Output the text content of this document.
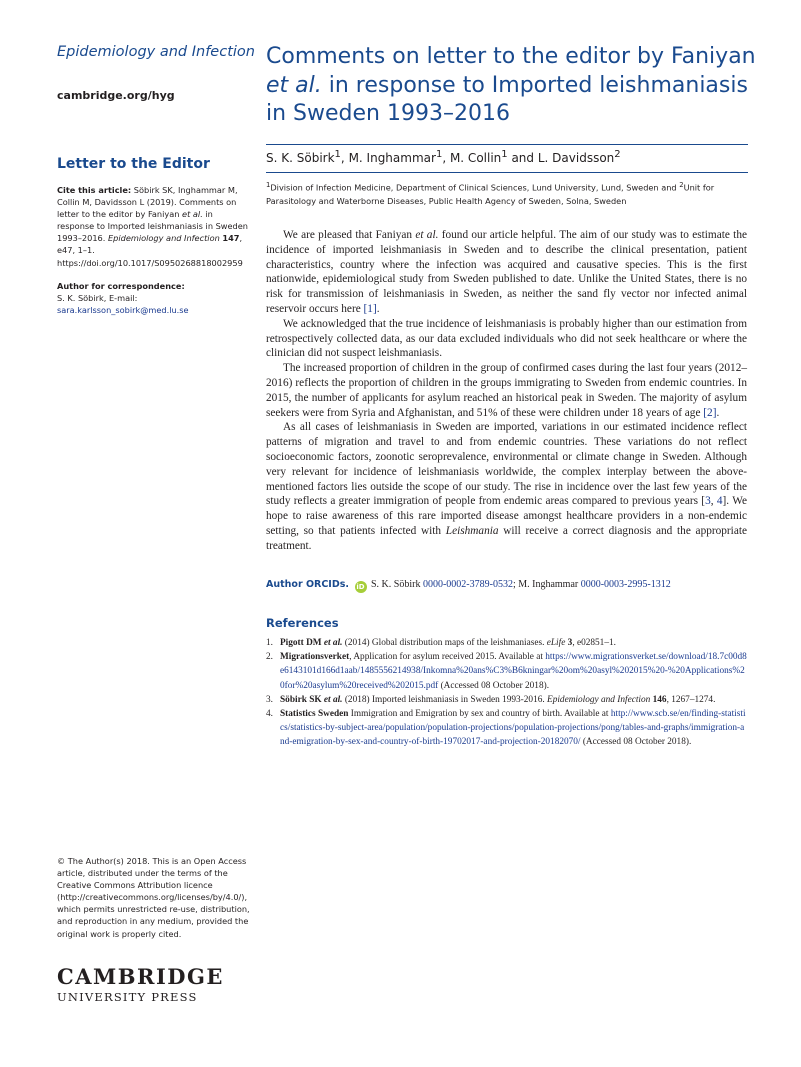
Epidemiology and Infection
cambridge.org/hyg
Letter to the Editor
Cite this article: Söbirk SK, Inghammar M, Collin M, Davidsson L (2019). Comments on letter to the editor by Faniyan et al. in response to Imported leishmaniasis in Sweden 1993–2016. Epidemiology and Infection 147, e47, 1–1. https://doi.org/10.1017/S0950268818002959
Author for correspondence:
S. K. Söbirk, E-mail: sara.karlsson_sobirk@med.lu.se
© The Author(s) 2018. This is an Open Access article, distributed under the terms of the Creative Commons Attribution licence (http://creativecommons.org/licenses/by/4.0/), which permits unrestricted re-use, distribution, and reproduction in any medium, provided the original work is properly cited.
CAMBRIDGE
UNIVERSITY PRESS
Comments on letter to the editor by Faniyan et al. in response to Imported leishmaniasis in Sweden 1993–2016
S. K. Söbirk$^1$, M. Inghammar$^1$, M. Collin$^1$ and L. Davidsson$^2$
$^1$Division of Infection Medicine, Department of Clinical Sciences, Lund University, Lund, Sweden and $^2$Unit for Parasitology and Waterborne Diseases, Public Health Agency of Sweden, Solna, Sweden

We are pleased that Faniyan et al. found our article helpful. The aim of our study was to estimate the incidence of imported leishmaniasis in Sweden and to describe the clinical presentation, patient characteristics, country where the infection was acquired and causative species. This is the first nationwide, epidemiological study from Sweden published to date. Unlike the United States, there is no risk for transmission of leishmaniasis in Sweden, as neither the sand fly vector nor infected animal reservoir occurs here [1].

We acknowledged that the true incidence of leishmaniasis is probably higher than our estimation from retrospectively collected data, as our data excluded individuals who did not seek healthcare or where the clinician did not suspect leishmaniasis.

The increased proportion of children in the group of confirmed cases during the last four years (2012–2016) reflects the proportion of children in the groups immigrating to Sweden from endemic countries. In 2015, the number of applicants for asylum reached an historical peak in Sweden. The majority of asylum seekers were from Syria and Afghanistan, and 51% of these were children under 18 years of age [2].

As all cases of leishmaniasis in Sweden are imported, variations in our estimated incidence reflect patterns of migration and travel to and from endemic countries. These variations do not reflect socioeconomic factors, zoonotic seroprevalence, environmental or climate change in Sweden. Although very relevant for incidence of leishmaniasis worldwide, the complex interplay between the above-mentioned factors lies outside the scope of our study. The rise in incidence over the last few years of the study reflects a greater immigration of people from endemic areas compared to previous years [3, 4]. We hope to raise awareness of this rare imported disease amongst healthcare providers in a non-endemic setting, so that patients infected with Leishmania will receive a correct diagnosis and the appropriate treatment.

Author ORCIDs. iD S. K. Söbirk 0000-0002-3789-0532; M. Inghammar 0000-0003-2995-1312
References
1. Pigott DM et al. (2014) Global distribution maps of the leishmaniases. eLife 3, e02851–1.
2. Migrationsverket, Application for asylum received 2015. Available at https://www.migrationsverket.se/download/18.7c00d8e6143101d166d1aab/1485556214938/Inkomna%20ans%C3%B6kningar%20om%20asyl%202015%20-%20Applications%20for%20asylum%20received%202015.pdf (Accessed 08 October 2018).
3. Söbirk SK et al. (2018) Imported leishmaniasis in Sweden 1993-2016. Epidemiology and Infection 146, 1267–1274.
4. Statistics Sweden Immigration and Emigration by sex and country of birth. Available at http://www.scb.se/en/finding-statistics/statistics-by-subject-area/population/population-projections/population-projections/pong/tables-and-graphs/immigration-and-emigration-by-sex-and-country-of-birth-19702017-and-projection-20182070/ (Accessed 08 October 2018).
